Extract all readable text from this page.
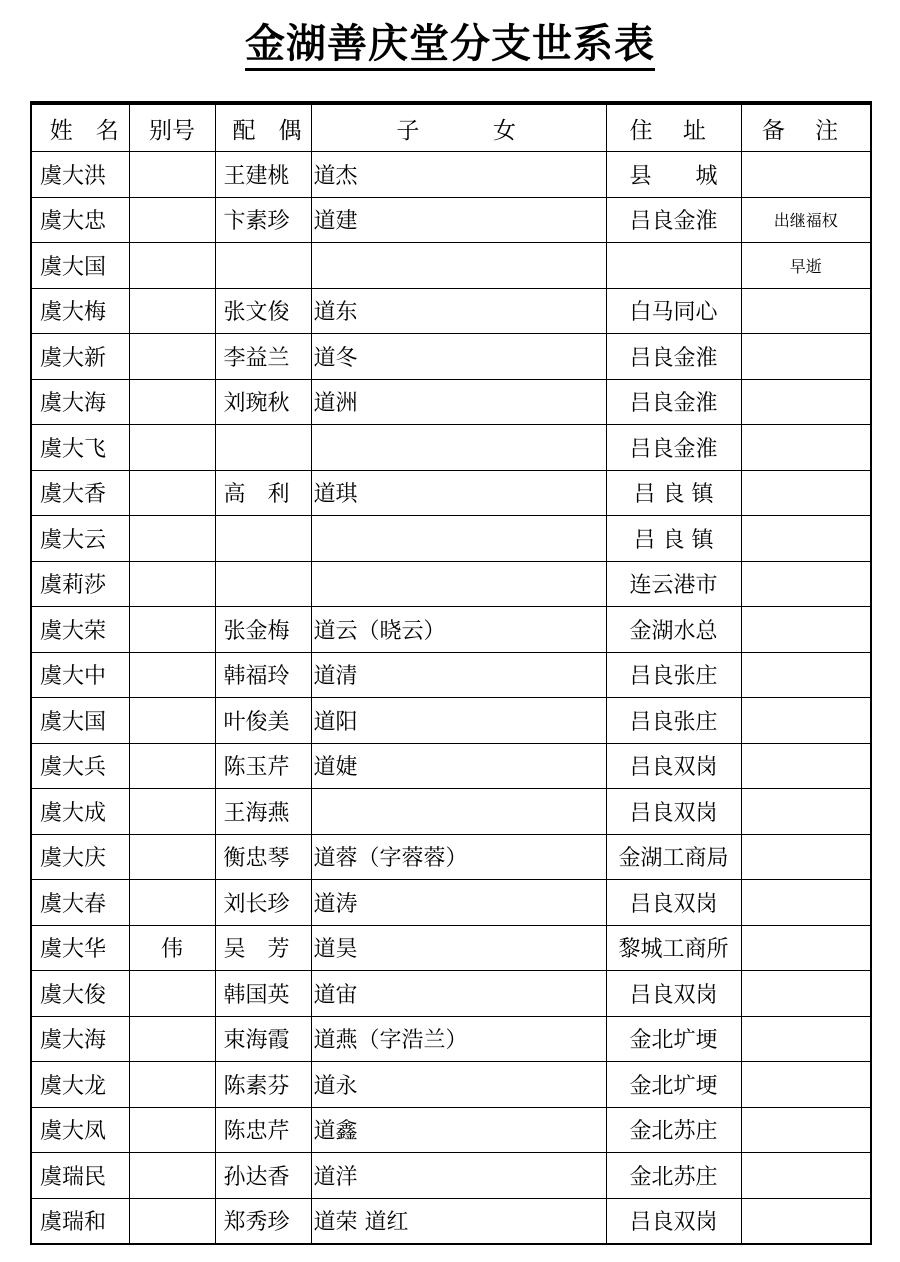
金湖善庆堂分支世系表
姓　名	别号	配　偶	子女	住 址	备 注
虞大洪		王建桃	道杰	县　　城	
虞大忠		卞素珍	道建	吕良金淮	出继福权
虞大国					早逝
虞大梅		张文俊	道东	白马同心	
虞大新		李益兰	道冬	吕良金淮	
虞大海		刘琬秋	道洲	吕良金淮	
虞大飞				吕良金淮	
虞大香		高　利	道琪	吕 良 镇	
虞大云				吕 良 镇	
虞莉莎				连云港市	
虞大荣		张金梅	道云（晓云）	金湖水总	
虞大中		韩福玲	道清	吕良张庄	
虞大国		叶俊美	道阳	吕良张庄	
虞大兵		陈玉芹	道婕	吕良双岗	
虞大成		王海燕		吕良双岗	
虞大庆		衡忠琴	道蓉（字蓉蓉）	金湖工商局	
虞大春		刘长珍	道涛	吕良双岗	
虞大华	伟	吴　芳	道昊	黎城工商所	
虞大俊		韩国英	道宙	吕良双岗	
虞大海		束海霞	道燕（字浩兰）	金北圹埂	
虞大龙		陈素芬	道永	金北圹埂	
虞大凤		陈忠芹	道鑫	金北苏庄	
虞瑞民		孙达香	道洋	金北苏庄	
虞瑞和		郑秀珍	道荣 道红	吕良双岗	
